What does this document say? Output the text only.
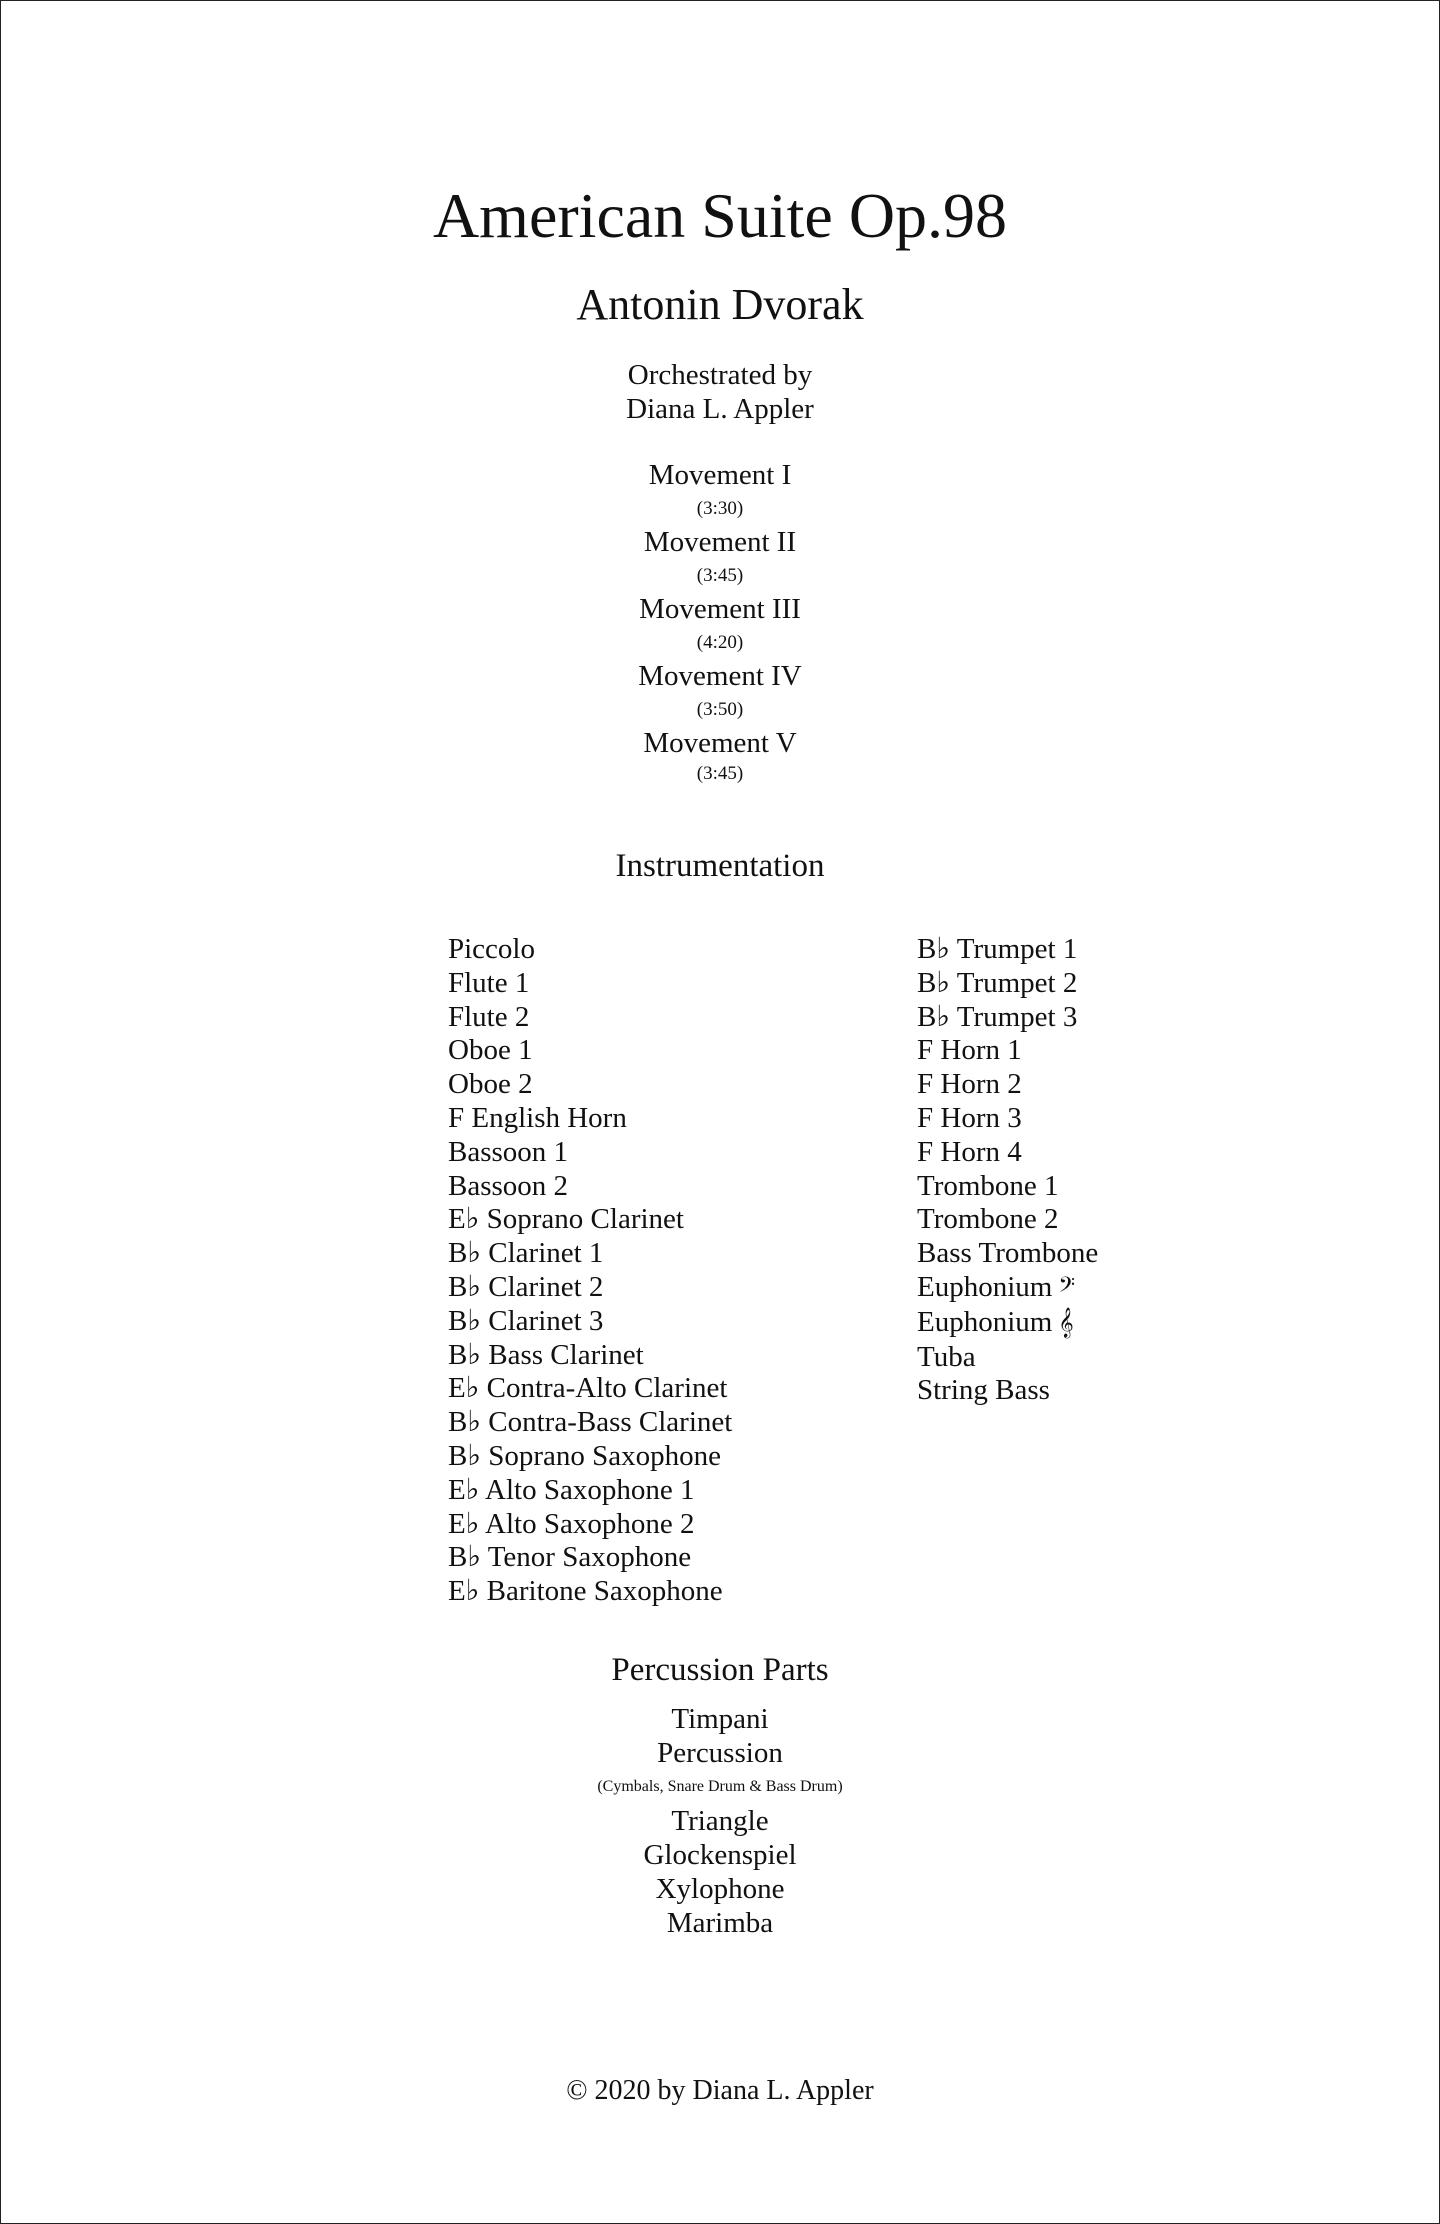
American Suite Op.98
Antonin Dvorak
Orchestrated by
Diana L. Appler
Movement I
(3:30)
Movement II
(3:45)
Movement III
(4:20)
Movement IV
(3:50)
Movement V
(3:45)
Instrumentation
Piccolo
Flute 1
Flute 2
Oboe 1
Oboe 2
F English Horn
Bassoon 1
Bassoon 2
E♭ Soprano Clarinet
B♭ Clarinet 1
B♭ Clarinet 2
B♭ Clarinet 3
B♭ Bass Clarinet
E♭ Contra-Alto Clarinet
B♭ Contra-Bass Clarinet
B♭ Soprano Saxophone
E♭ Alto Saxophone 1
E♭ Alto Saxophone 2
B♭ Tenor Saxophone
E♭ Baritone Saxophone
B♭ Trumpet 1
B♭ Trumpet 2
B♭ Trumpet 3
F Horn 1
F Horn 2
F Horn 3
F Horn 4
Trombone 1
Trombone 2
Bass Trombone
Euphonium 𝄢
Euphonium 𝄞
Tuba
String Bass
Percussion Parts
Timpani
Percussion
(Cymbals, Snare Drum & Bass Drum)
Triangle
Glockenspiel
Xylophone
Marimba
© 2020 by Diana L. Appler
